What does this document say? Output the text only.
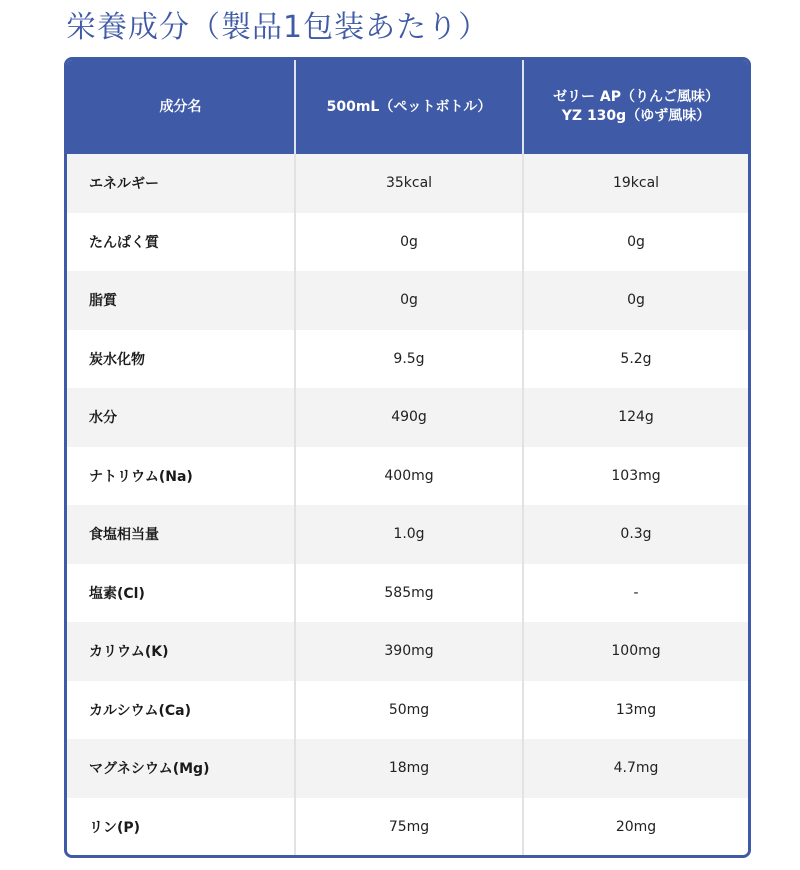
栄養成分（製品1包装あたり）
成分名	500mL（ペットボトル）	ゼリー AP（りんご風味）
YZ 130g（ゆず風味）

エネルギー	35kcal	19kcal
たんぱく質	0g	0g
脂質	0g	0g
炭水化物	9.5g	5.2g
水分	490g	124g
ナトリウム(Na)	400mg	103mg
食塩相当量	1.0g	0.3g
塩素(Cl)	585mg	-
カリウム(K)	390mg	100mg
カルシウム(Ca)	50mg	13mg
マグネシウム(Mg)	18mg	4.7mg
リン(P)	75mg	20mg
